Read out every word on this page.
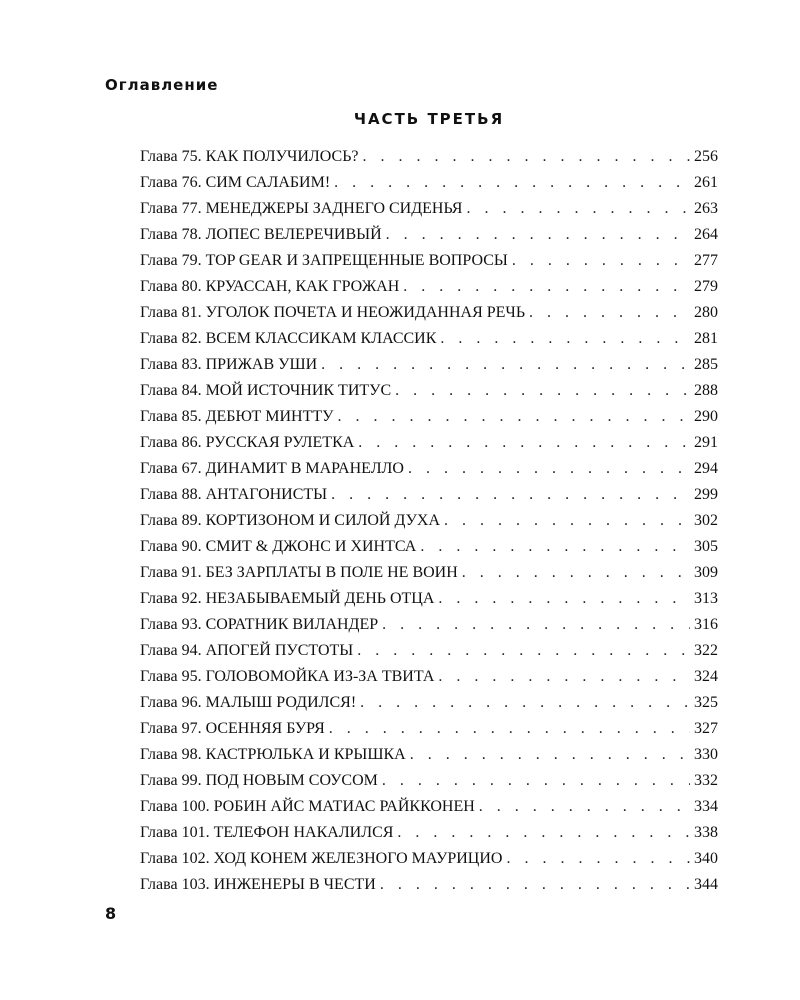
Оглавление
ЧАСТЬ ТРЕТЬЯ
Глава 75. КАК ПОЛУЧИЛОСЬ? . . .	256
Глава 76. СИМ САЛАБИМ! . . .	261
Глава 77. МЕНЕДЖЕРЫ ЗАДНЕГО СИДЕНЬЯ . . .	263
Глава 78. ЛОПЕС ВЕЛЕРЕЧИВЫЙ . . .	264
Глава 79. TOP GEAR И ЗАПРЕЩЕННЫЕ ВОПРОСЫ . . .	277
Глава 80. КРУАССАН, КАК ГРОЖАН . . .	279
Глава 81. УГОЛОК ПОЧЕТА И НЕОЖИДАННАЯ РЕЧЬ . . .	280
Глава 82. ВСЕМ КЛАССИКАМ КЛАССИК . . .	281
Глава 83. ПРИЖАВ УШИ . . .	285
Глава 84. МОЙ ИСТОЧНИК ТИТУС . . .	288
Глава 85. ДЕБЮТ МИНТТУ . . .	290
Глава 86. РУССКАЯ РУЛЕТКА . . .	291
Глава 67. ДИНАМИТ В МАРАНЕЛЛО . . .	294
Глава 88. АНТАГОНИСТЫ . . .	299
Глава 89. КОРТИЗОНОМ И СИЛОЙ ДУХА . . .	302
Глава 90. СМИТ & ДЖОНС И ХИНТСА . . .	305
Глава 91. БЕЗ ЗАРПЛАТЫ В ПОЛЕ НЕ ВОИН . . .	309
Глава 92. НЕЗАБЫВАЕМЫЙ ДЕНЬ ОТЦА . . .	313
Глава 93. СОРАТНИК ВИЛАНДЕР . . .	316
Глава 94. АПОГЕЙ ПУСТОТЫ . . .	322
Глава 95. ГОЛОВОМОЙКА ИЗ-ЗА ТВИТА . . .	324
Глава 96. МАЛЫШ РОДИЛСЯ! . . .	325
Глава 97. ОСЕННЯЯ БУРЯ . . .	327
Глава 98. КАСТРЮЛЬКА И КРЫШКА . . .	330
Глава 99. ПОД НОВЫМ СОУСОМ . . .	332
Глава 100. РОБИН АЙС МАТИАС РАЙККОНЕН . . .	334
Глава 101. ТЕЛЕФОН НАКАЛИЛСЯ . . .	338
Глава 102. ХОД КОНЕМ ЖЕЛЕЗНОГО МАУРИЦИО . . .	340
Глава 103. ИНЖЕНЕРЫ В ЧЕСТИ . . .	344
8
